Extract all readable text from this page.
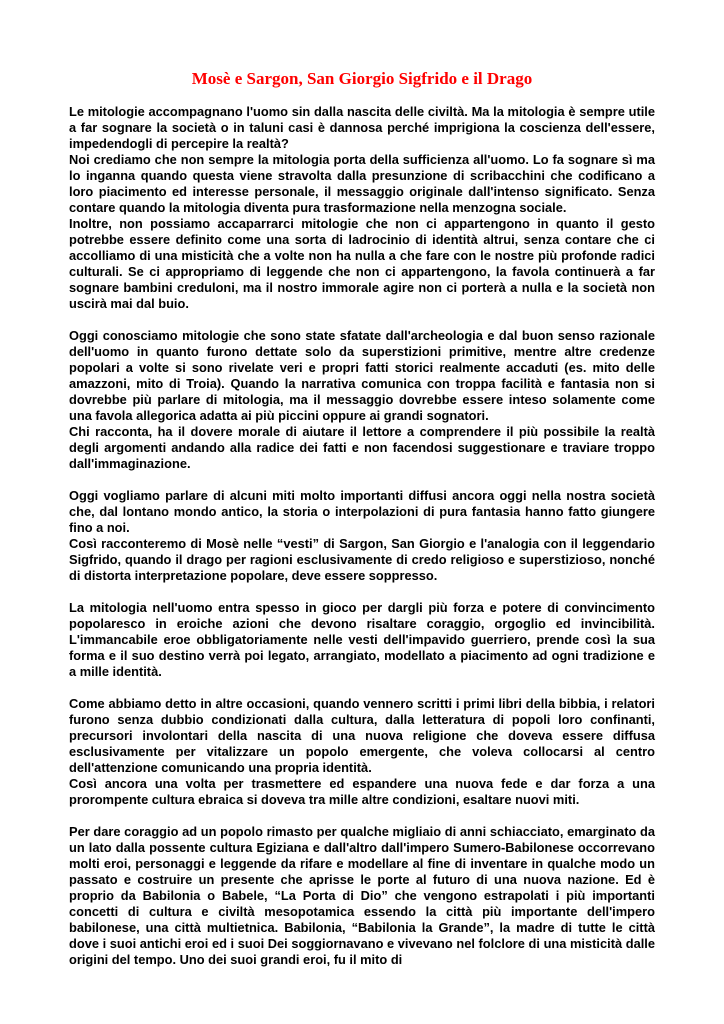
Mosè e Sargon, San Giorgio Sigfrido e il Drago

Le mitologie accompagnano l'uomo sin dalla nascita delle civiltà. Ma la mitologia è sempre utile a far sognare la società o in taluni casi è dannosa perché imprigiona la coscienza dell'essere, impedendogli di percepire la realtà?

Noi crediamo che non sempre la mitologia porta della sufficienza all'uomo. Lo fa sognare sì ma lo inganna quando questa viene stravolta dalla presunzione di scribacchini che codificano a loro piacimento ed interesse personale, il messaggio originale dall'intenso significato. Senza contare quando la mitologia diventa pura trasformazione nella menzogna sociale.

Inoltre, non possiamo accaparrarci mitologie che non ci appartengono in quanto il gesto potrebbe essere definito come una sorta di ladrocinio di identità altrui, senza contare che ci accolliamo di una misticità che a volte non ha nulla a che fare con le nostre più profonde radici culturali. Se ci appropriamo di leggende che non ci appartengono, la favola continuerà a far sognare bambini creduloni, ma il nostro immorale agire non ci porterà a nulla e la società non uscirà mai dal buio.

Oggi conosciamo mitologie che sono state sfatate dall'archeologia e dal buon senso razionale dell'uomo in quanto furono dettate solo da superstizioni primitive, mentre altre credenze popolari a volte si sono rivelate veri e propri fatti storici realmente accaduti (es. mito delle amazzoni, mito di Troia). Quando la narrativa comunica con troppa facilità e fantasia non si dovrebbe più parlare di mitologia, ma il messaggio dovrebbe essere inteso solamente come una favola allegorica adatta ai più piccini oppure ai grandi sognatori.

Chi racconta, ha il dovere morale di aiutare il lettore a comprendere il più possibile la realtà degli argomenti andando alla radice dei fatti e non facendosi suggestionare e traviare troppo dall'immaginazione.

Oggi vogliamo parlare di alcuni miti molto importanti diffusi ancora oggi nella nostra società che, dal lontano mondo antico, la storia o interpolazioni di pura fantasia hanno fatto giungere fino a noi.

Così racconteremo di Mosè nelle “vesti” di Sargon, San Giorgio e l'analogia con il leggendario Sigfrido, quando il drago per ragioni esclusivamente di credo religioso e superstizioso, nonché di distorta interpretazione popolare, deve essere soppresso.

La mitologia nell'uomo entra spesso in gioco per dargli più forza e potere di convincimento popolaresco in eroiche azioni che devono risaltare coraggio, orgoglio ed invincibilità. L'immancabile eroe obbligatoriamente nelle vesti dell'impavido guerriero, prende così la sua forma e il suo destino verrà poi legato, arrangiato, modellato a piacimento ad ogni tradizione e a mille identità.

Come abbiamo detto in altre occasioni, quando vennero scritti i primi libri della bibbia, i relatori furono senza dubbio condizionati dalla cultura, dalla letteratura di popoli loro confinanti, precursori involontari della nascita di una nuova religione che doveva essere diffusa esclusivamente per vitalizzare un popolo emergente, che voleva collocarsi al centro dell'attenzione comunicando una propria identità.

Così ancora una volta per trasmettere ed espandere una nuova fede e dar forza a una prorompente cultura ebraica si doveva tra mille altre condizioni, esaltare nuovi miti.

Per dare coraggio ad un popolo rimasto per qualche migliaio di anni schiacciato, emarginato da un lato dalla possente cultura Egiziana e dall'altro dall'impero Sumero-Babilonese occorrevano molti eroi, personaggi e leggende da rifare e modellare al fine di inventare in qualche modo un passato e costruire un presente che aprisse le porte al futuro di una nuova nazione. Ed è proprio da Babilonia o Babele, “La Porta di Dio” che vengono estrapolati i più importanti concetti di cultura e civiltà mesopotamica essendo la città più importante dell'impero babilonese, una città multietnica. Babilonia, “Babilonia la Grande”, la madre di tutte le città dove i suoi antichi eroi ed i suoi Dei soggiornavano e vivevano nel folclore di una misticità dalle origini del tempo. Uno dei suoi grandi eroi, fu il mito di
